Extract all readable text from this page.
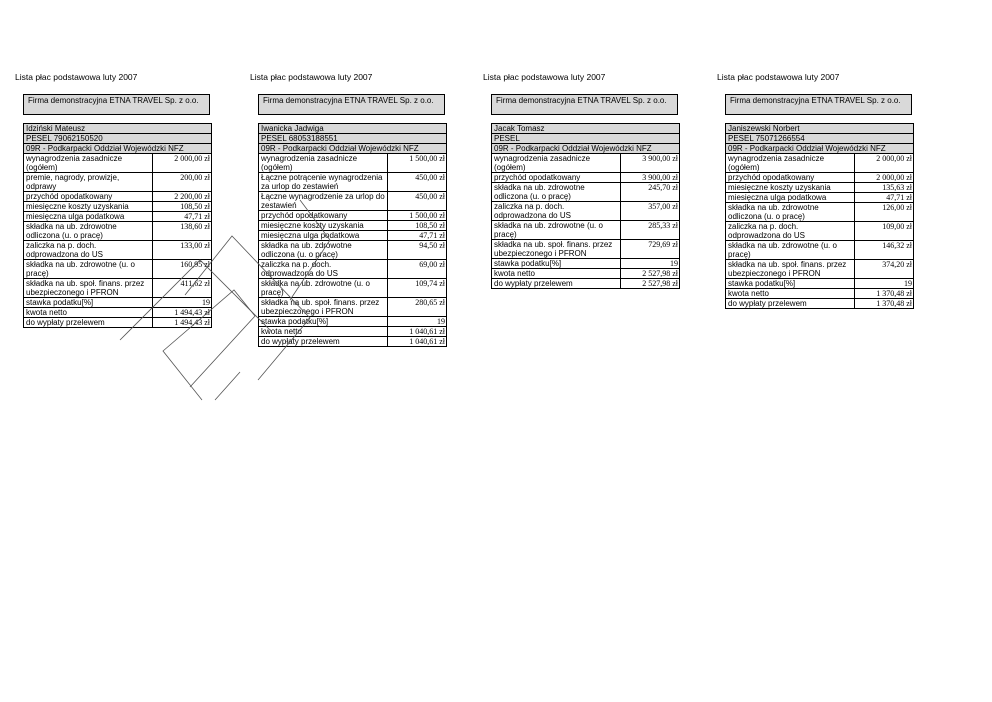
Lista płac podstawowa luty 2007
Firma demonstracyjna ETNA TRAVEL Sp. z o.o.
Idziński Mateusz
PESEL 79062150520
09R - Podkarpacki Oddział Wojewódzki NFZ
wynagrodzenia zasadnicze (ogółem)	2 000,00 zł
premie, nagrody, prowizje, odprawy	200,00 zł
przychód opodatkowany	2 200,00 zł
miesięczne koszty uzyskania	108,50 zł
miesięczna ulga podatkowa	47,71 zł
składka na ub. zdrowotne odliczona (u. o pracę)	138,60 zł
zaliczka na p. doch. odprowadzona do US	133,00 zł
składka na ub. zdrowotne (u. o pracę)	160,95 zł
składka na ub. społ. finans. przez ubezpieczonego i PFRON	411,62 zł
stawka podatku[%]	19
kwota netto	1 494,43 zł
do wypłaty przelewem	1 494,43 zł
Lista płac podstawowa luty 2007
Firma demonstracyjna ETNA TRAVEL Sp. z o.o.
Iwanicka Jadwiga
PESEL 68053188551
09R - Podkarpacki Oddział Wojewódzki NFZ
wynagrodzenia zasadnicze (ogółem)	1 500,00 zł
Łączne potrącenie wynagrodzenia za urlop do zestawień	450,00 zł
Łączne wynagrodzenie za urlop do zestawień	450,00 zł
przychód opodatkowany	1 500,00 zł
miesięczne koszty uzyskania	108,50 zł
miesięczna ulga podatkowa	47,71 zł
składka na ub. zdrowotne odliczona (u. o pracę)	94,50 zł
zaliczka na p. doch. odprowadzona do US	69,00 zł
składka na ub. zdrowotne (u. o pracę)	109,74 zł
składka na ub. społ. finans. przez ubezpieczonego i PFRON	280,65 zł
stawka podatku[%]	19
kwota netto	1 040,61 zł
do wypłaty przelewem	1 040,61 zł
Lista płac podstawowa luty 2007
Firma demonstracyjna ETNA TRAVEL Sp. z o.o.
Jacak Tomasz
PESEL
09R - Podkarpacki Oddział Wojewódzki NFZ
wynagrodzenia zasadnicze (ogółem)	3 900,00 zł
przychód opodatkowany	3 900,00 zł
składka na ub. zdrowotne odliczona (u. o pracę)	245,70 zł
zaliczka na p. doch. odprowadzona do US	357,00 zł
składka na ub. zdrowotne (u. o pracę)	285,33 zł
składka na ub. społ. finans. przez ubezpieczonego i PFRON	729,69 zł
stawka podatku[%]	19
kwota netto	2 527,98 zł
do wypłaty przelewem	2 527,98 zł
Lista płac podstawowa luty 2007
Firma demonstracyjna ETNA TRAVEL Sp. z o.o.
Janiszewski Norbert
PESEL 75071266554
09R - Podkarpacki Oddział Wojewódzki NFZ
wynagrodzenia zasadnicze (ogółem)	2 000,00 zł
przychód opodatkowany	2 000,00 zł
miesięczne koszty uzyskania	135,63 zł
miesięczna ulga podatkowa	47,71 zł
składka na ub. zdrowotne odliczona (u. o pracę)	126,00 zł
zaliczka na p. doch. odprowadzona do US	109,00 zł
składka na ub. zdrowotne (u. o pracę)	146,32 zł
składka na ub. społ. finans. przez ubezpieczonego i PFRON	374,20 zł
stawka podatku[%]	19
kwota netto	1 370,48 zł
do wypłaty przelewem	1 370,48 zł
